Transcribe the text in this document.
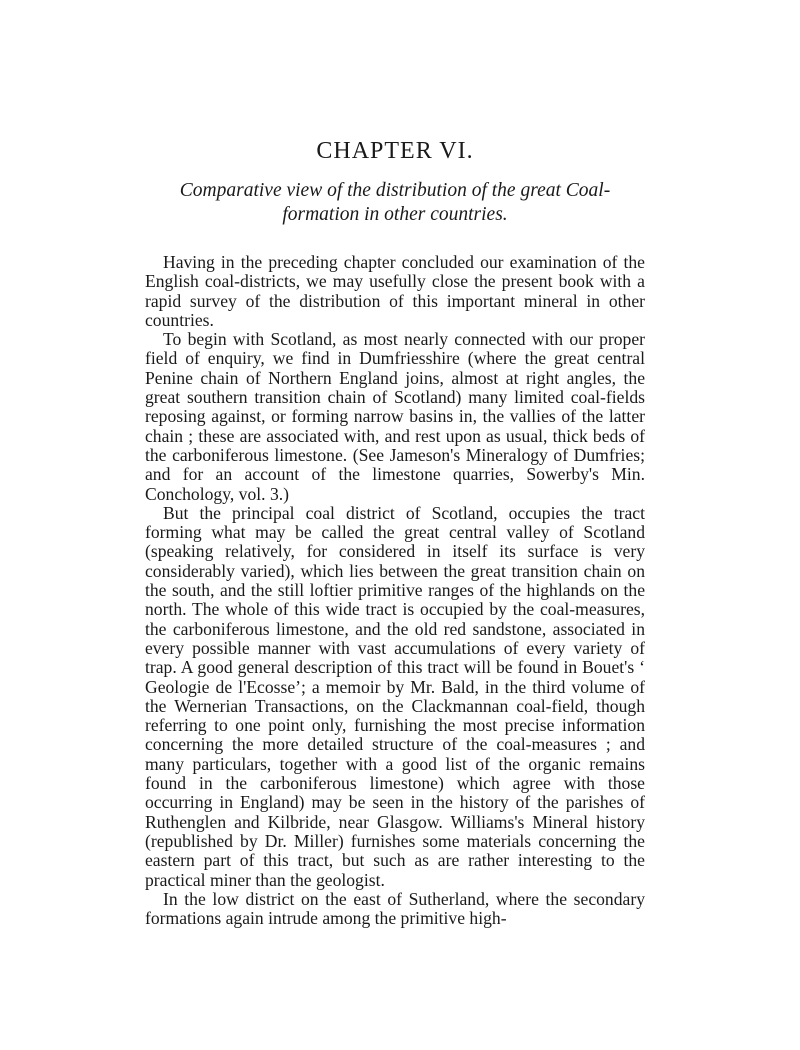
CHAPTER VI.
Comparative view of the distribution of the great Coal-
formation in other countries.

Having in the preceding chapter concluded our examination of the English coal-districts, we may usefully close the present book with a rapid survey of the distribution of this important mineral in other countries.

To begin with Scotland, as most nearly connected with our proper field of enquiry, we find in Dumfriesshire (where the great central Penine chain of Northern England joins, almost at right angles, the great southern transition chain of Scotland) many limited coal-fields reposing against, or forming narrow basins in, the vallies of the latter chain ; these are associated with, and rest upon as usual, thick beds of the carboniferous limestone. (See Jameson's Mineralogy of Dumfries; and for an account of the limestone quarries, Sowerby's Min. Conchology, vol. 3.)

But the principal coal district of Scotland, occupies the tract forming what may be called the great central valley of Scotland (speaking relatively, for considered in itself its surface is very considerably varied), which lies between the great transition chain on the south, and the still loftier primitive ranges of the highlands on the north. The whole of this wide tract is occupied by the coal-measures, the carboniferous limestone, and the old red sandstone, associated in every possible manner with vast accumulations of every variety of trap. A good general description of this tract will be found in Bouet's ‘ Geologie de l'Ecosse’; a memoir by Mr. Bald, in the third volume of the Wernerian Transactions, on the Clackmannan coal-field, though referring to one point only, furnishing the most precise information concerning the more detailed structure of the coal-measures ; and many particulars, together with a good list of the organic remains found in the carboniferous limestone) which agree with those occurring in England) may be seen in the history of the parishes of Ruthenglen and Kilbride, near Glasgow. Williams's Mineral history (republished by Dr. Miller) furnishes some materials concerning the eastern part of this tract, but such as are rather interesting to the practical miner than the geologist.

In the low district on the east of Sutherland, where the secondary formations again intrude among the primitive high-
